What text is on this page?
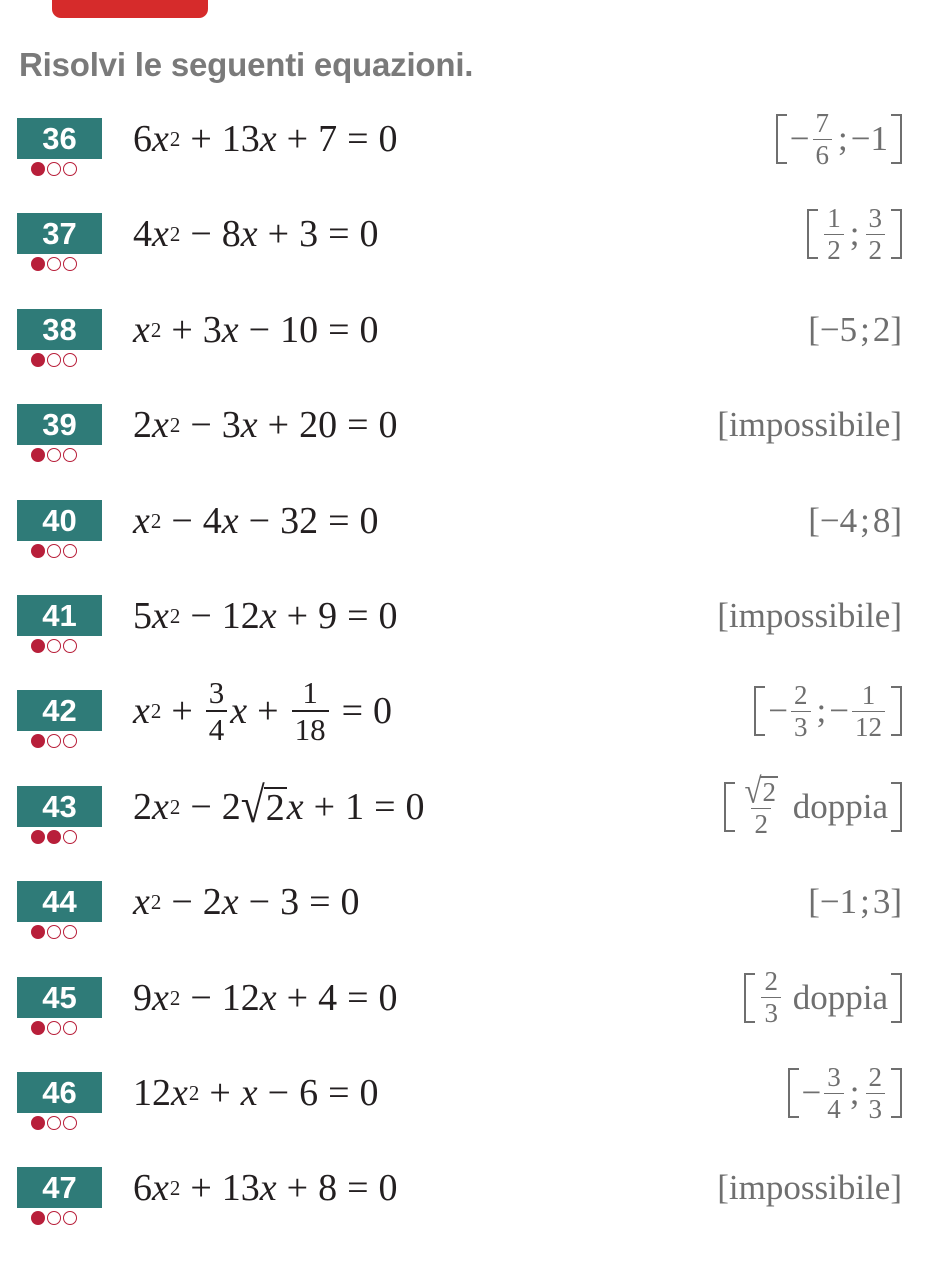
Risolvi le seguenti equazioni.
36	6 x 2 + 13 x + 7 = 0	− $\frac{7}{6}$ ; −1
37	4 x 2 − 8 x + 3 = 0	$\frac{1}{2}$ ; $\frac{3}{2}$
38	x 2 + 3 x − 10 = 0	[−5 ; 2]
39	2 x 2 − 3 x + 20 = 0	[impossibile]
40	x 2 − 4 x − 32 = 0	[−4 ; 8]
41	5 x 2 − 12 x + 9 = 0	[impossibile]
42	x $2 + \frac{3}{4}$ $x + \frac{1}{18} = 0$	− $\frac{2}{3}$ ; − $\frac{1}{12}$
43	2 x 2 − 2 √ 2 x + 1 = 0	$\frac{√ 2}{2}$ doppia
44	x 2 − 2 x − 3 = 0	[−1 ; 3]
45	9 x 2 − 12 x + 4 = 0	$\frac{2}{3}$ doppia
46	12 x 2 + x − 6 = 0	− $\frac{3}{4}$ ; $\frac{2}{3}$
47	6 x 2 + 13 x + 8 = 0	[impossibile]
